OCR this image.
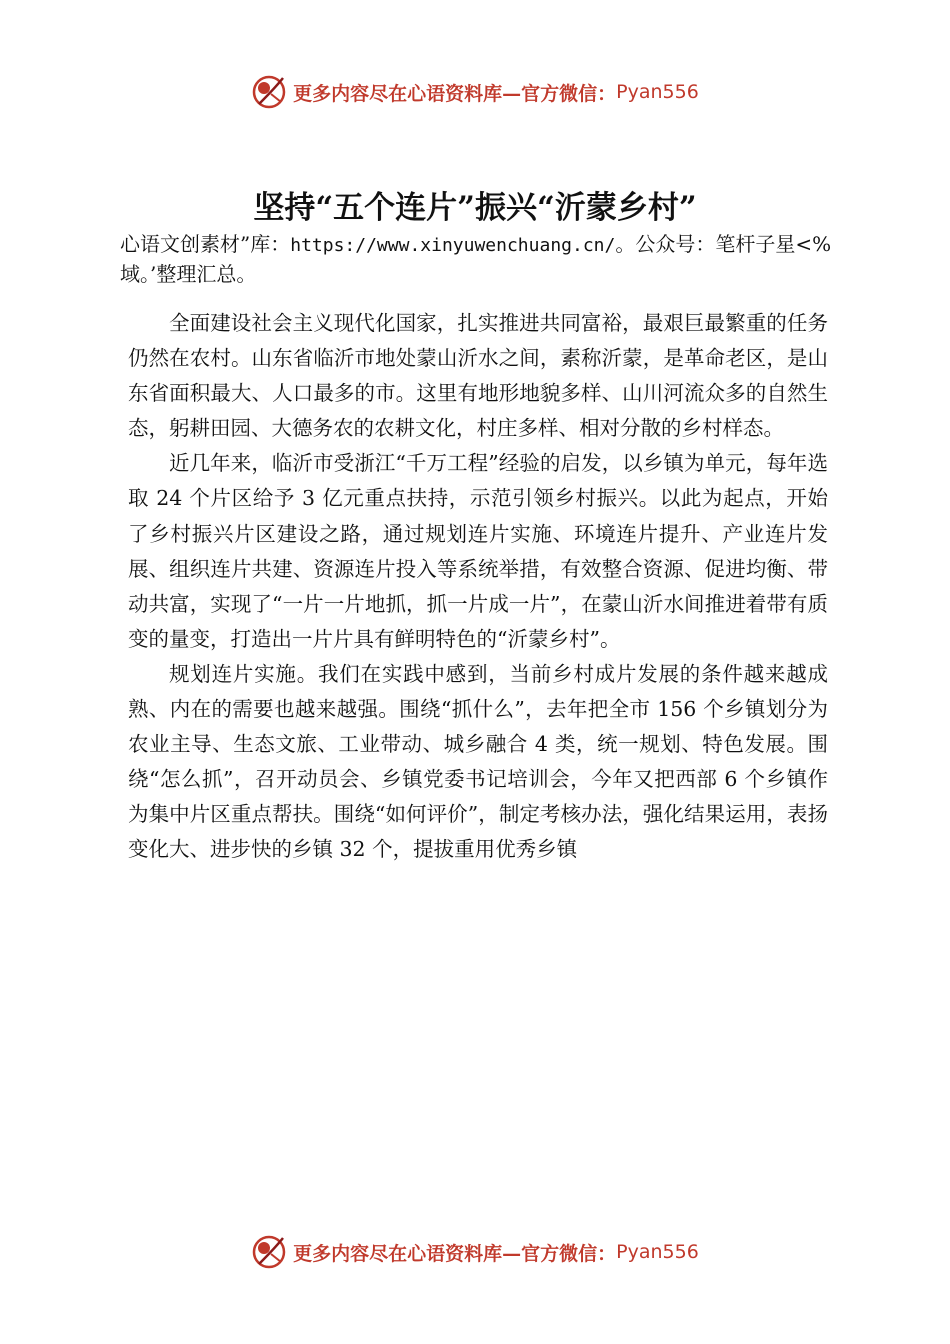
更多内容尽在心语资料库—官方微信： Pyan556
坚持“五个连片”振兴“沂蒙乡村”
心语文创素材”库：https://www.xinyuwenchuang.cn/。公众号：笔杆子星<%域。’整理汇总。

全面建设社会主义现代化国家，扎实推进共同富裕，最艰巨最繁重的任务仍然在农村。山东省临沂市地处蒙山沂水之间，素称沂蒙，是革命老区，是山东省面积最大、人口最多的市。这里有地形地貌多样、山川河流众多的自然生态，躬耕田园、大德务农的农耕文化，村庄多样、相对分散的乡村样态。

近几年来，临沂市受浙江“千万工程”经验的启发，以乡镇为单元，每年选取 24 个片区给予 3 亿元重点扶持，示范引领乡村振兴。以此为起点，开始了乡村振兴片区建设之路，通过规划连片实施、环境连片提升、产业连片发展、组织连片共建、资源连片投入等系统举措，有效整合资源、促进均衡、带动共富，实现了“一片一片地抓，抓一片成一片”，在蒙山沂水间推进着带有质变的量变，打造出一片片具有鲜明特色的“沂蒙乡村”。

规划连片实施。我们在实践中感到，当前乡村成片发展的条件越来越成熟、内在的需要也越来越强。围绕“抓什么”，去年把全市 156 个乡镇划分为农业主导、生态文旅、工业带动、城乡融合 4 类，统一规划、特色发展。围绕“怎么抓”，召开动员会、乡镇党委书记培训会，今年又把西部 6 个乡镇作为集中片区重点帮扶。围绕“如何评价”，制定考核办法，强化结果运用，表扬变化大、进步快的乡镇 32 个，提拔重用优秀乡镇

更多内容尽在心语资料库—官方微信： Pyan556
